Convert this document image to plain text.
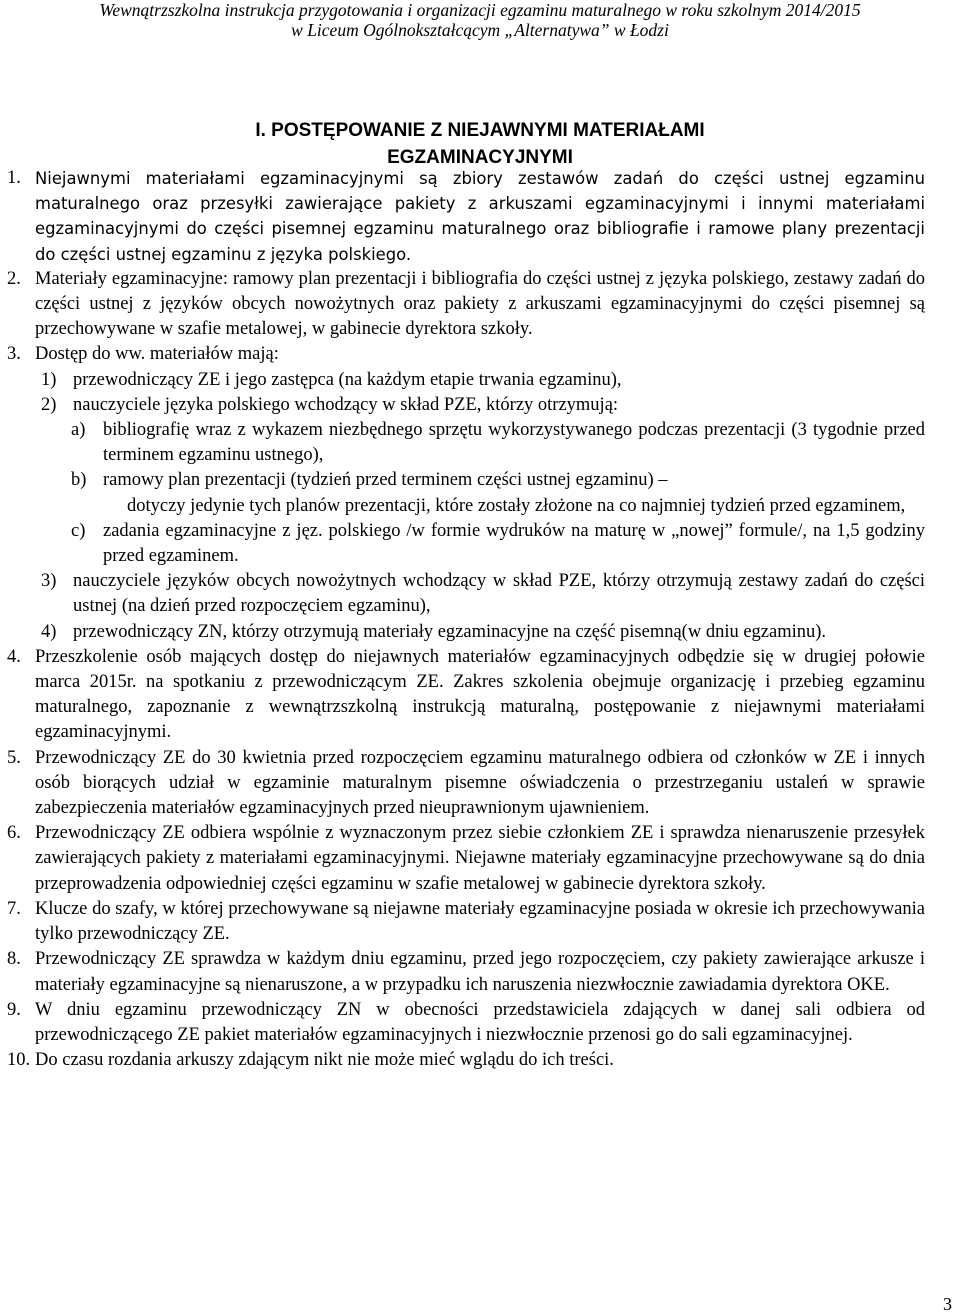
Wewnątrzszkolna instrukcja przygotowania i organizacji egzaminu maturalnego w roku szkolnym 2014/2015
w Liceum Ogólnokształcącym „Alternatywa” w Łodzi
I. POSTĘPOWANIE Z NIEJAWNYMI MATERIAŁAMI
EGZAMINACYJNYMI
1. Niejawnymi materiałami egzaminacyjnymi są zbiory zestawów zadań do części ustnej egzaminu maturalnego oraz przesyłki zawierające pakiety z arkuszami egzaminacyjnymi i innymi materiałami egzaminacyjnymi do części pisemnej egzaminu maturalnego oraz bibliografie i ramowe plany prezentacji do części ustnej egzaminu z języka polskiego.
2. Materiały egzaminacyjne: ramowy plan prezentacji i bibliografia do części ustnej z języka polskiego, zestawy zadań do części ustnej z języków obcych nowożytnych oraz pakiety z arkuszami egzaminacyjnymi do części pisemnej są przechowywane w szafie metalowej, w gabinecie dyrektora szkoły.
3. Dostęp do ww. materiałów mają:
1) przewodniczący ZE i jego zastępca (na każdym etapie trwania egzaminu),
2) nauczyciele języka polskiego wchodzący w skład PZE, którzy otrzymują:
a) bibliografię wraz z wykazem niezbędnego sprzętu wykorzystywanego podczas prezentacji (3 tygodnie przed terminem egzaminu ustnego),
b) ramowy plan prezentacji (tydzień przed terminem części ustnej egzaminu) –
dotyczy jedynie tych planów prezentacji, które zostały złożone na co najmniej tydzień przed egzaminem,
c) zadania egzaminacyjne z jęz. polskiego /w formie wydruków na maturę w „nowej” formule/, na 1,5 godziny przed egzaminem.
3) nauczyciele języków obcych nowożytnych wchodzący w skład PZE, którzy otrzymują zestawy zadań do części ustnej (na dzień przed rozpoczęciem egzaminu),
4) przewodniczący ZN, którzy otrzymują materiały egzaminacyjne na część pisemną(w dniu egzaminu).
4. Przeszkolenie osób mających dostęp do niejawnych materiałów egzaminacyjnych odbędzie się w drugiej połowie marca 2015r. na spotkaniu z przewodniczącym ZE. Zakres szkolenia obejmuje organizację i przebieg egzaminu maturalnego, zapoznanie z wewnątrzszkolną instrukcją maturalną, postępowanie z niejawnymi materiałami egzaminacyjnymi.
5. Przewodniczący ZE do 30 kwietnia przed rozpoczęciem egzaminu maturalnego odbiera od członków w ZE i innych osób biorących udział w egzaminie maturalnym pisemne oświadczenia o przestrzeganiu ustaleń w sprawie zabezpieczenia materiałów egzaminacyjnych przed nieuprawnionym ujawnieniem.
6. Przewodniczący ZE odbiera wspólnie z wyznaczonym przez siebie członkiem ZE i sprawdza nienaruszenie przesyłek zawierających pakiety z materiałami egzaminacyjnymi. Niejawne materiały egzaminacyjne przechowywane są do dnia przeprowadzenia odpowiedniej części egzaminu w szafie metalowej w gabinecie dyrektora szkoły.
7. Klucze do szafy, w której przechowywane są niejawne materiały egzaminacyjne posiada w okresie ich przechowywania tylko przewodniczący ZE.
8. Przewodniczący ZE sprawdza w każdym dniu egzaminu, przed jego rozpoczęciem, czy pakiety zawierające arkusze i materiały egzaminacyjne są nienaruszone, a w przypadku ich naruszenia niezwłocznie zawiadamia dyrektora OKE.
9. W dniu egzaminu przewodniczący ZN w obecności przedstawiciela zdających w danej sali odbiera od przewodniczącego ZE pakiet materiałów egzaminacyjnych i niezwłocznie przenosi go do sali egzaminacyjnej.
10. Do czasu rozdania arkuszy zdającym nikt nie może mieć wglądu do ich treści.
3
